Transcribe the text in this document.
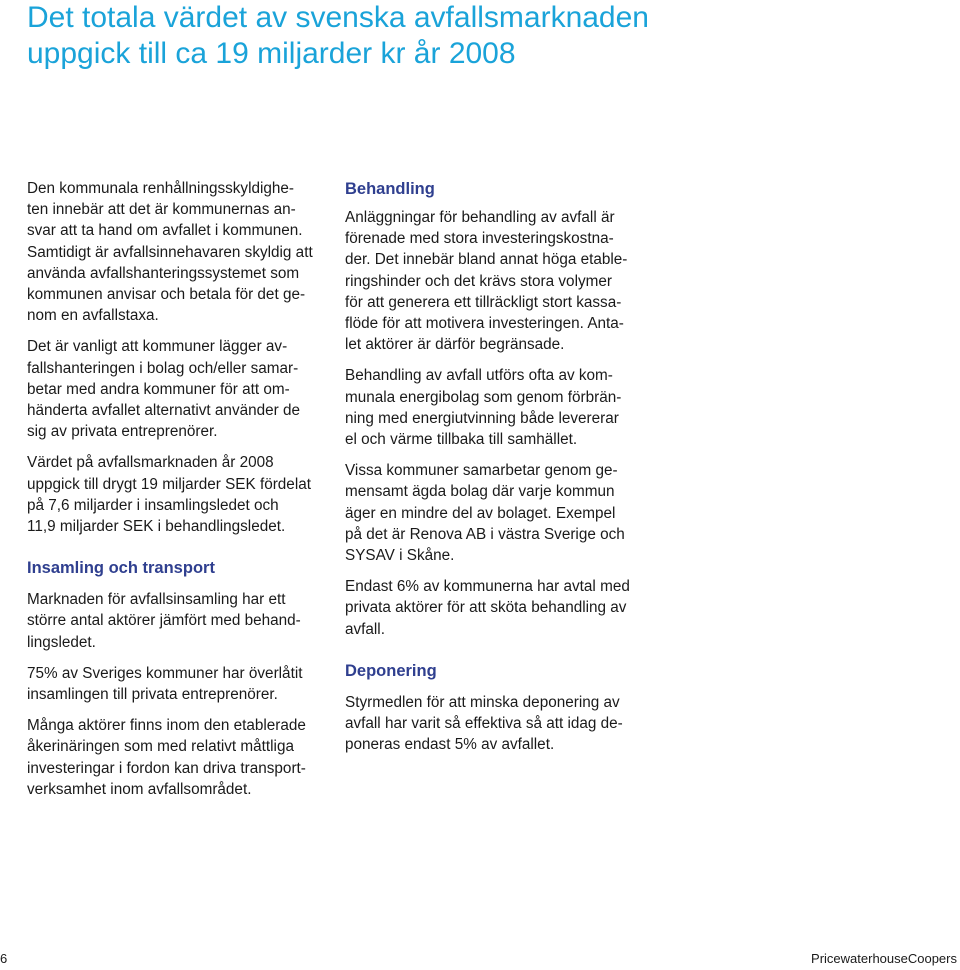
Det totala värdet av svenska avfallsmarknaden
uppgick till ca 19 miljarder kr år 2008

Den kommunala renhållningsskyldighe-
ten innebär att det är kommunernas an-
svar att ta hand om avfallet i kommunen.
Samtidigt är avfallsinnehavaren skyldig att
använda avfallshanteringssystemet som
kommunen anvisar och betala för det ge-
nom en avfallstaxa.

Det är vanligt att kommuner lägger av-
fallshanteringen i bolag och/eller samar-
betar med andra kommuner för att om-
händerta avfallet alternativt använder de
sig av privata entreprenörer.

Värdet på avfallsmarknaden år 2008
uppgick till drygt 19 miljarder SEK fördelat
på 7,6 miljarder i insamlingsledet och
11,9 miljarder SEK i behandlingsledet.

Insamling och transport

Marknaden för avfallsinsamling har ett
större antal aktörer jämfört med behand-
lingsledet.

75% av Sveriges kommuner har överlåtit
insamlingen till privata entreprenörer.

Många aktörer finns inom den etablerade
åkerinäringen som med relativt måttliga
investeringar i fordon kan driva transport-
verksamhet inom avfallsområdet.

Behandling

Anläggningar för behandling av avfall är
förenade med stora investeringskostna-
der. Det innebär bland annat höga etable-
ringshinder och det krävs stora volymer
för att generera ett tillräckligt stort kassa-
flöde för att motivera investeringen. Anta-
let aktörer är därför begränsade.

Behandling av avfall utförs ofta av kom-
munala energibolag som genom förbrän-
ning med energiutvinning både levererar
el och värme tillbaka till samhället.

Vissa kommuner samarbetar genom ge-
mensamt ägda bolag där varje kommun
äger en mindre del av bolaget. Exempel
på det är Renova AB i västra Sverige och
SYSAV i Skåne.

Endast 6% av kommunerna har avtal med
privata aktörer för att sköta behandling av
avfall.

Deponering

Styrmedlen för att minska deponering av
avfall har varit så effektiva så att idag de-
poneras endast 5% av avfallet.

6	PricewaterhouseCoopers
